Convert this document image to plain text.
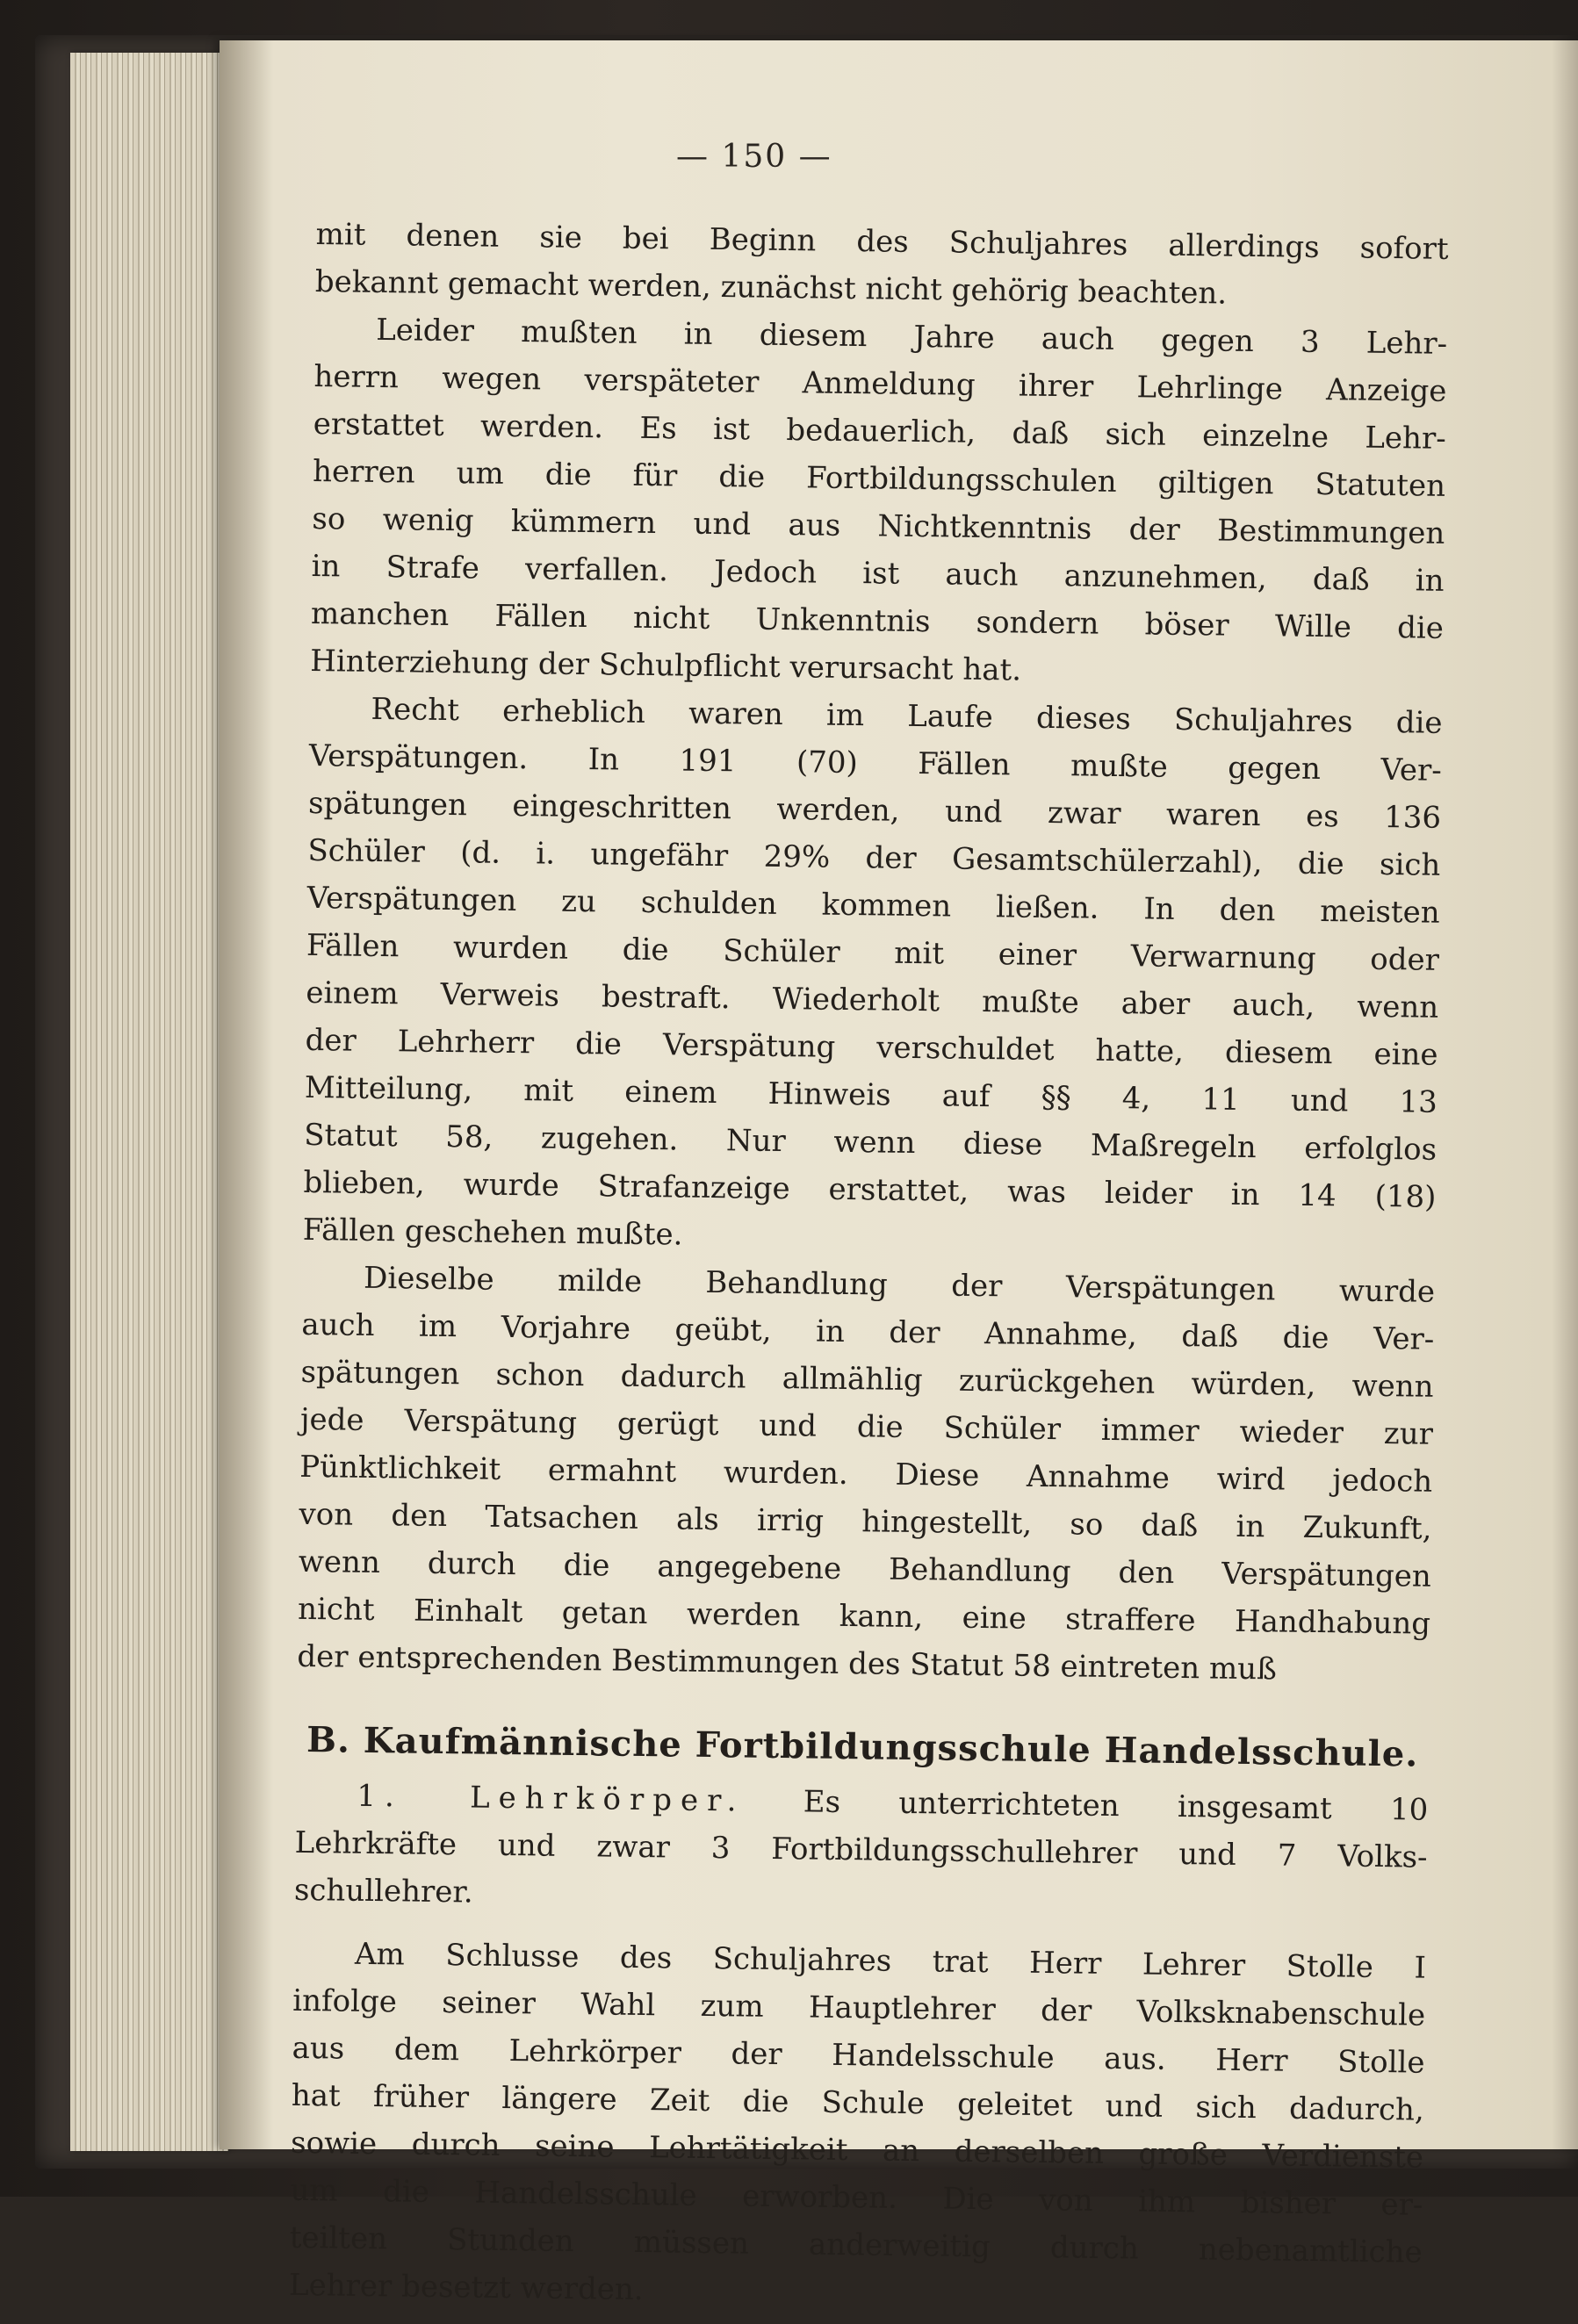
— 150 —
mit denen sie bei Beginn des Schuljahres allerdings sofort
bekannt gemacht werden, zunächst nicht gehörig beachten.
Leider mußten in diesem Jahre auch gegen 3 Lehr-
herrn wegen verspäteter Anmeldung ihrer Lehrlinge Anzeige
erstattet werden. Es ist bedauerlich, daß sich einzelne Lehr-
herren um die für die Fortbildungsschulen giltigen Statuten
so wenig kümmern und aus Nichtkenntnis der Bestimmungen
in Strafe verfallen. Jedoch ist auch anzunehmen, daß in
manchen Fällen nicht Unkenntnis sondern böser Wille die
Hinterziehung der Schulpflicht verursacht hat.
Recht erheblich waren im Laufe dieses Schuljahres die
Verspätungen. In 191 (70) Fällen mußte gegen Ver-
spätungen eingeschritten werden, und zwar waren es 136
Schüler (d. i. ungefähr 29% der Gesamtschülerzahl), die sich
Verspätungen zu schulden kommen ließen. In den meisten
Fällen wurden die Schüler mit einer Verwarnung oder
einem Verweis bestraft. Wiederholt mußte aber auch, wenn
der Lehrherr die Verspätung verschuldet hatte, diesem eine
Mitteilung, mit einem Hinweis auf §§ 4, 11 und 13
Statut 58, zugehen. Nur wenn diese Maßregeln erfolglos
blieben, wurde Strafanzeige erstattet, was leider in 14 (18)
Fällen geschehen mußte.
Dieselbe milde Behandlung der Verspätungen wurde
auch im Vorjahre geübt, in der Annahme, daß die Ver-
spätungen schon dadurch allmählig zurückgehen würden, wenn
jede Verspätung gerügt und die Schüler immer wieder zur
Pünktlichkeit ermahnt wurden. Diese Annahme wird jedoch
von den Tatsachen als irrig hingestellt, so daß in Zukunft,
wenn durch die angegebene Behandlung den Verspätungen
nicht Einhalt getan werden kann, eine straffere Handhabung
der entsprechenden Bestimmungen des Statut 58 eintreten muß
B. Kaufmännische Fortbildungsschule Handelsschule.
1. Lehrkörper. Es unterrichteten insgesamt 10
Lehrkräfte und zwar 3 Fortbildungsschullehrer und 7 Volks-
schullehrer.
Am Schlusse des Schuljahres trat Herr Lehrer Stolle I
infolge seiner Wahl zum Hauptlehrer der Volksknabenschule
aus dem Lehrkörper der Handelsschule aus. Herr Stolle
hat früher längere Zeit die Schule geleitet und sich dadurch,
sowie durch seine Lehrtätigkeit an derselben große Verdienste
um die Handelsschule erworben. Die von ihm bisher er-
teilten Stunden müssen anderweitig durch nebenamtliche
Lehrer besetzt werden.
